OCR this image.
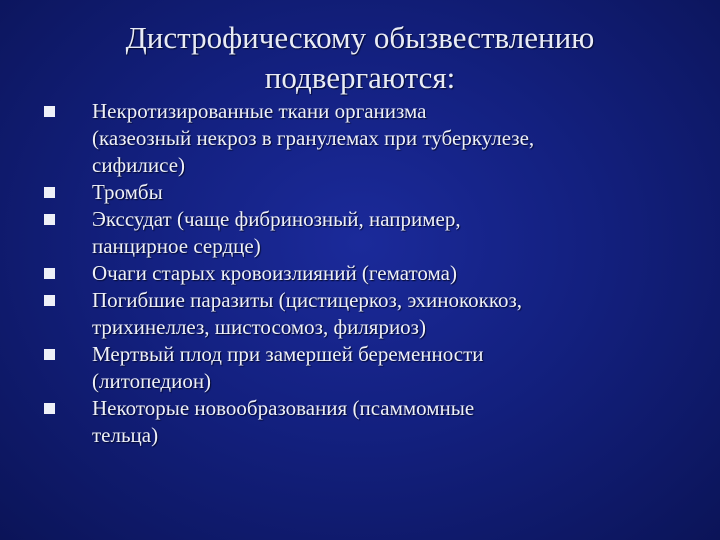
Дистрофическому обызвествлению
подвергаются:
Некротизированные ткани организма
(казеозный некроз в гранулемах при туберкулезе,
сифилисе)
Тромбы
Экссудат (чаще фибринозный, например,
панцирное сердце)
Очаги старых кровоизлияний (гематома)
Погибшие паразиты (цистицеркоз, эхинококкоз,
трихинеллез, шистосомоз, филяриоз)
Мертвый плод при замершей беременности
(литопедион)
Некоторые новообразования (псаммомные
тельца)
